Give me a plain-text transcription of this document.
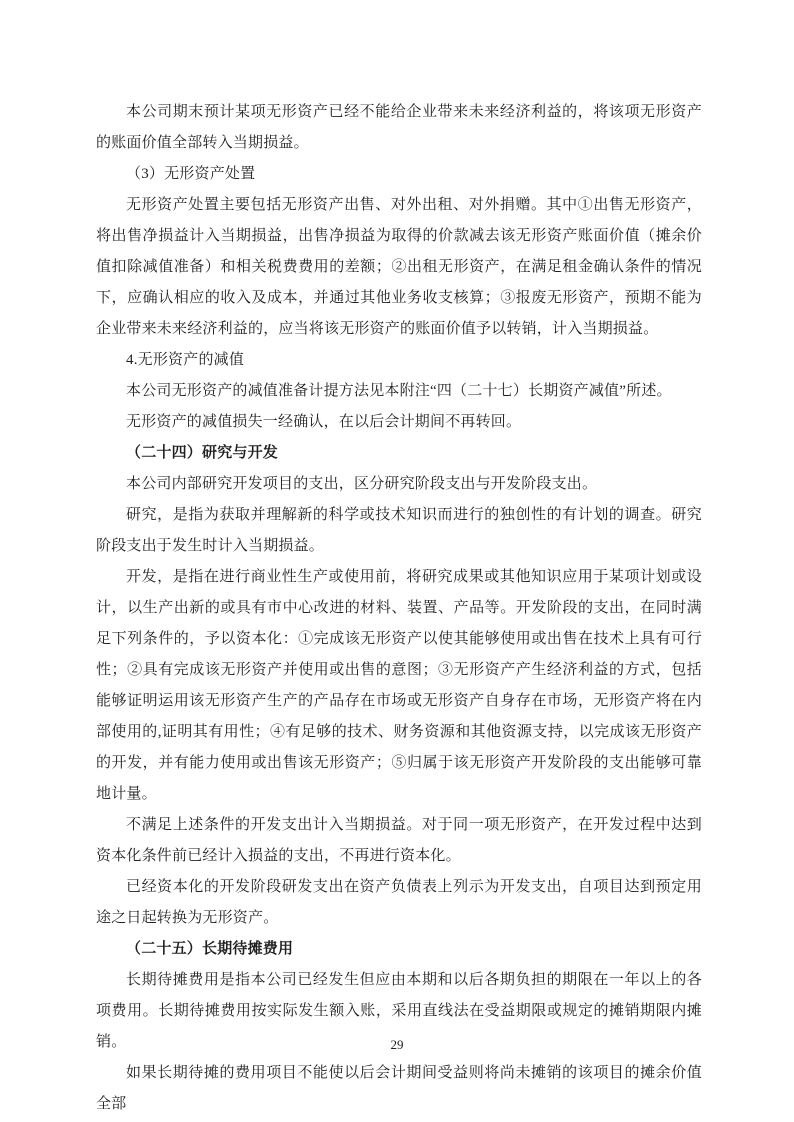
本公司期末预计某项无形资产已经不能给企业带来未来经济利益的，将该项无形资产的账面价值全部转入当期损益。

（3）无形资产处置

无形资产处置主要包括无形资产出售、对外出租、对外捐赠。其中①出售无形资产，将出售净损益计入当期损益，出售净损益为取得的价款减去该无形资产账面价值（摊余价值扣除减值准备）和相关税费费用的差额；②出租无形资产，在满足租金确认条件的情况下，应确认相应的收入及成本，并通过其他业务收支核算；③报废无形资产，预期不能为企业带来未来经济利益的，应当将该无形资产的账面价值予以转销，计入当期损益。

4.无形资产的减值

本公司无形资产的减值准备计提方法见本附注“四（二十七）长期资产减值”所述。

无形资产的减值损失一经确认，在以后会计期间不再转回。

（二十四）研究与开发

本公司内部研究开发项目的支出，区分研究阶段支出与开发阶段支出。

研究，是指为获取并理解新的科学或技术知识而进行的独创性的有计划的调查。研究阶段支出于发生时计入当期损益。

开发，是指在进行商业性生产或使用前，将研究成果或其他知识应用于某项计划或设计，以生产出新的或具有市中心改进的材料、装置、产品等。开发阶段的支出，在同时满足下列条件的，予以资本化：①完成该无形资产以使其能够使用或出售在技术上具有可行性；②具有完成该无形资产并使用或出售的意图；③无形资产产生经济利益的方式，包括能够证明运用该无形资产生产的产品存在市场或无形资产自身存在市场，无形资产将在内部使用的,证明其有用性；④有足够的技术、财务资源和其他资源支持，以完成该无形资产的开发，并有能力使用或出售该无形资产；⑤归属于该无形资产开发阶段的支出能够可靠地计量。

不满足上述条件的开发支出计入当期损益。对于同一项无形资产，在开发过程中达到资本化条件前已经计入损益的支出，不再进行资本化。

已经资本化的开发阶段研发支出在资产负债表上列示为开发支出，自项目达到预定用途之日起转换为无形资产。

（二十五）长期待摊费用

长期待摊费用是指本公司已经发生但应由本期和以后各期负担的期限在一年以上的各项费用。长期待摊费用按实际发生额入账，采用直线法在受益期限或规定的摊销期限内摊销。

如果长期待摊的费用项目不能使以后会计期间受益则将尚未摊销的该项目的摊余价值全部

29
